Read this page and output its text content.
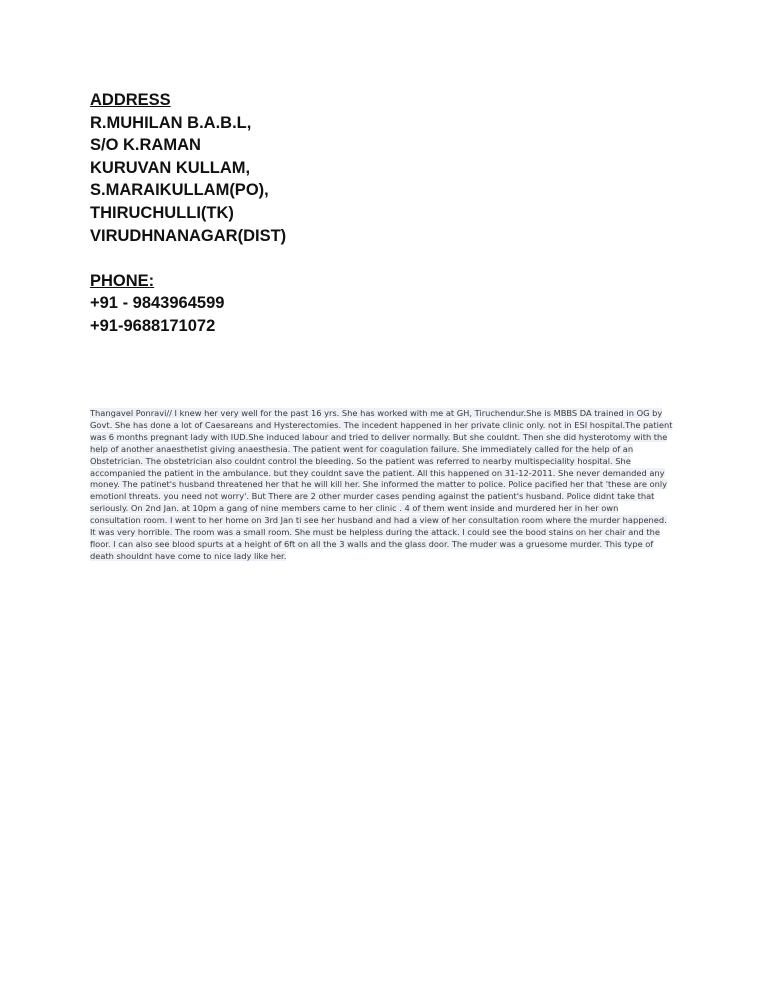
ADDRESS
R.MUHILAN B.A.B.L,
S/O K.RAMAN
KURUVAN KULLAM,
S.MARAIKULLAM(PO),
THIRUCHULLI(TK)
VIRUDHNANAGAR(DIST)
PHONE:
+91 - 9843964599
+91-9688171072
Thangavel Ponravi// I knew her very well for the past 16 yrs. She has worked with me at GH, Tiruchendur.She is MBBS DA trained in OG by
Govt. She has done a lot of Caesareans and Hysterectomies. The incedent happened in her private clinic only. not in ESI hospital.The patient
was 6 months pregnant lady with IUD.She induced labour and tried to deliver normally. But she couldnt. Then she did hysterotomy with the
help of another anaesthetist giving anaesthesia. The patient went for coagulation failure. She immediately called for the help of an
Obstetrician. The obstetrician also couldnt control the bleeding. So the patient was referred to nearby multispeciality hospital. She
accompanied the patient in the ambulance. but they couldnt save the patient. All this happened on 31-12-2011. She never demanded any
money. The patinet's husband threatened her that he will kill her. She informed the matter to police. Police pacified her that 'these are only
emotionl threats. you need not worry'. But There are 2 other murder cases pending against the patient's husband. Police didnt take that
seriously. On 2nd Jan. at 10pm a gang of nine members came to her clinic . 4 of them went inside and murdered her in her own
consultation room. I went to her home on 3rd Jan ti see her husband and had a view of her consultation room where the murder happened.
It was very horrible. The room was a small room. She must be helpless during the attack. I could see the bood stains on her chair and the
floor. I can also see blood spurts at a height of 6ft on all the 3 walls and the glass door. The muder was a gruesome murder. This type of
death shouldnt have come to nice lady like her.
